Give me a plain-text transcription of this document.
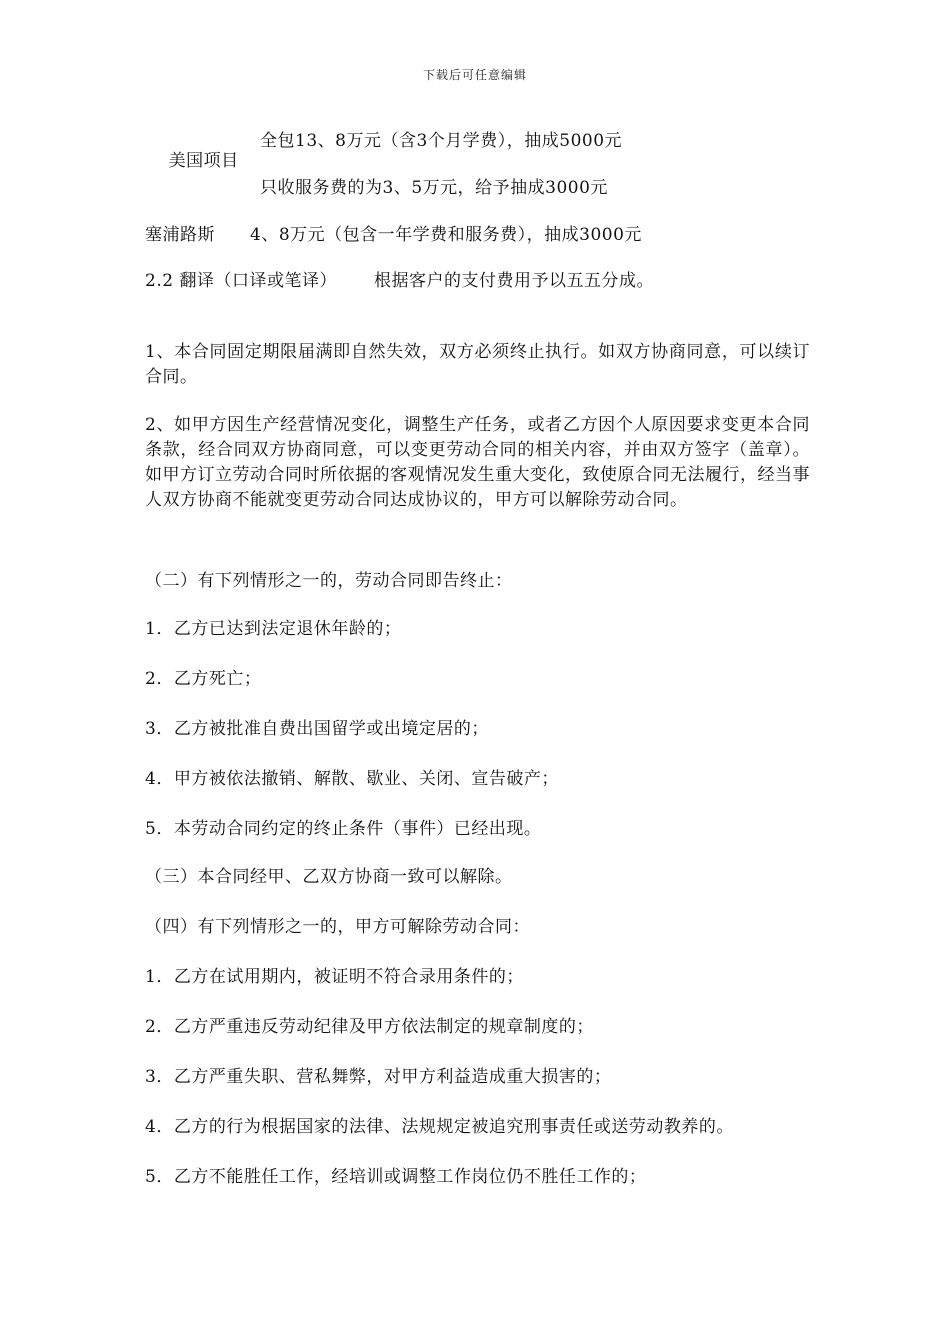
下载后可任意编辑

美国项目

全包13、8万元（含3个月学费），抽成5000元
只收服务费的为3、5万元，给予抽成3000元
塞浦路斯 4、8万元（包含一年学费和服务费），抽成3000元
2.2 翻译（口译或笔译） 根据客户的支付费用予以五五分成。
1、本合同固定期限届满即自然失效，双方必须终止执行。如双方协商同意，可以续订合同。
2、如甲方因生产经营情况变化，调整生产任务，或者乙方因个人原因要求变更本合同条款，经合同双方协商同意，可以变更劳动合同的相关内容，并由双方签字（盖章）。如甲方订立劳动合同时所依据的客观情况发生重大变化，致使原合同无法履行，经当事人双方协商不能就变更劳动合同达成协议的，甲方可以解除劳动合同。
（二）有下列情形之一的，劳动合同即告终止：
1．乙方已达到法定退休年龄的；
2．乙方死亡；
3．乙方被批准自费出国留学或出境定居的；
4．甲方被依法撤销、解散、歇业、关闭、宣告破产；
5．本劳动合同约定的终止条件（事件）已经出现。
（三）本合同经甲、乙双方协商一致可以解除。
（四）有下列情形之一的，甲方可解除劳动合同：
1．乙方在试用期内，被证明不符合录用条件的；
2．乙方严重违反劳动纪律及甲方依法制定的规章制度的；
3．乙方严重失职、营私舞弊，对甲方利益造成重大损害的；
4．乙方的行为根据国家的法律、法规规定被追究刑事责任或送劳动教养的。
5．乙方不能胜任工作，经培训或调整工作岗位仍不胜任工作的；
